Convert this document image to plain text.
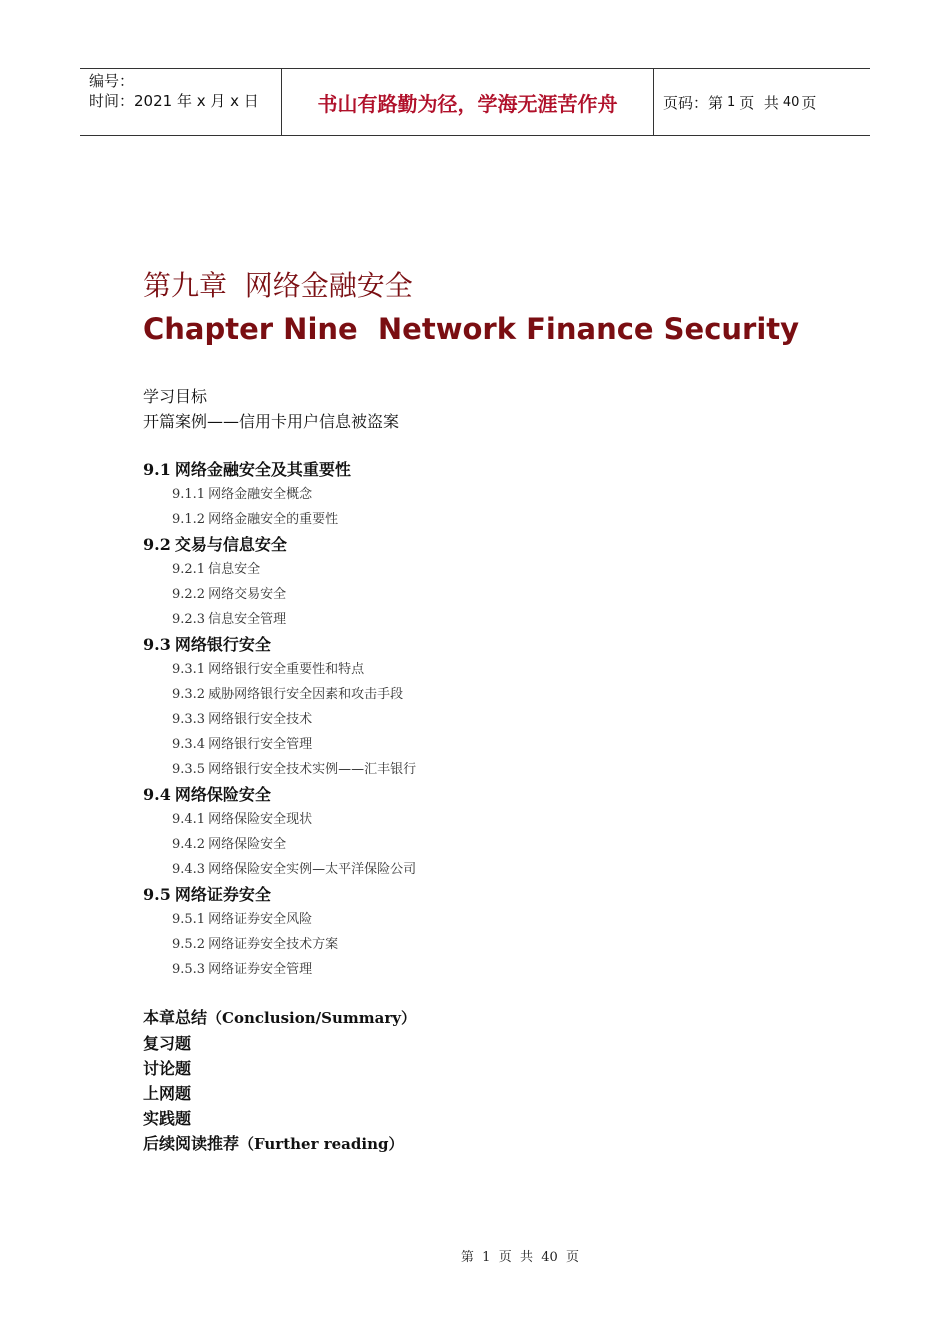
编号：
时间：2021 年 x 月 x 日	书山有路勤为径，学海无涯苦作舟	页码：第 1 页  共 40 页
第九章  网络金融安全
Chapter Nine  Network Finance Security
学习目标
开篇案例——信用卡用户信息被盗案
9.1 网络金融安全及其重要性
9.1.1 网络金融安全概念
9.1.2 网络金融安全的重要性
9.2 交易与信息安全
9.2.1 信息安全
9.2.2 网络交易安全
9.2.3 信息安全管理
9.3 网络银行安全
9.3.1 网络银行安全重要性和特点
9.3.2 威胁网络银行安全因素和攻击手段
9.3.3 网络银行安全技术
9.3.4 网络银行安全管理
9.3.5 网络银行安全技术实例——汇丰银行
9.4 网络保险安全
9.4.1 网络保险安全现状
9.4.2 网络保险安全
9.4.3 网络保险安全实例—太平洋保险公司
9.5 网络证券安全
9.5.1 网络证券安全风险
9.5.2 网络证券安全技术方案
9.5.3 网络证券安全管理
本章总结（Conclusion/Summary）
复习题
讨论题
上网题
实践题
后续阅读推荐（Further reading）
第  1  页  共  40  页
